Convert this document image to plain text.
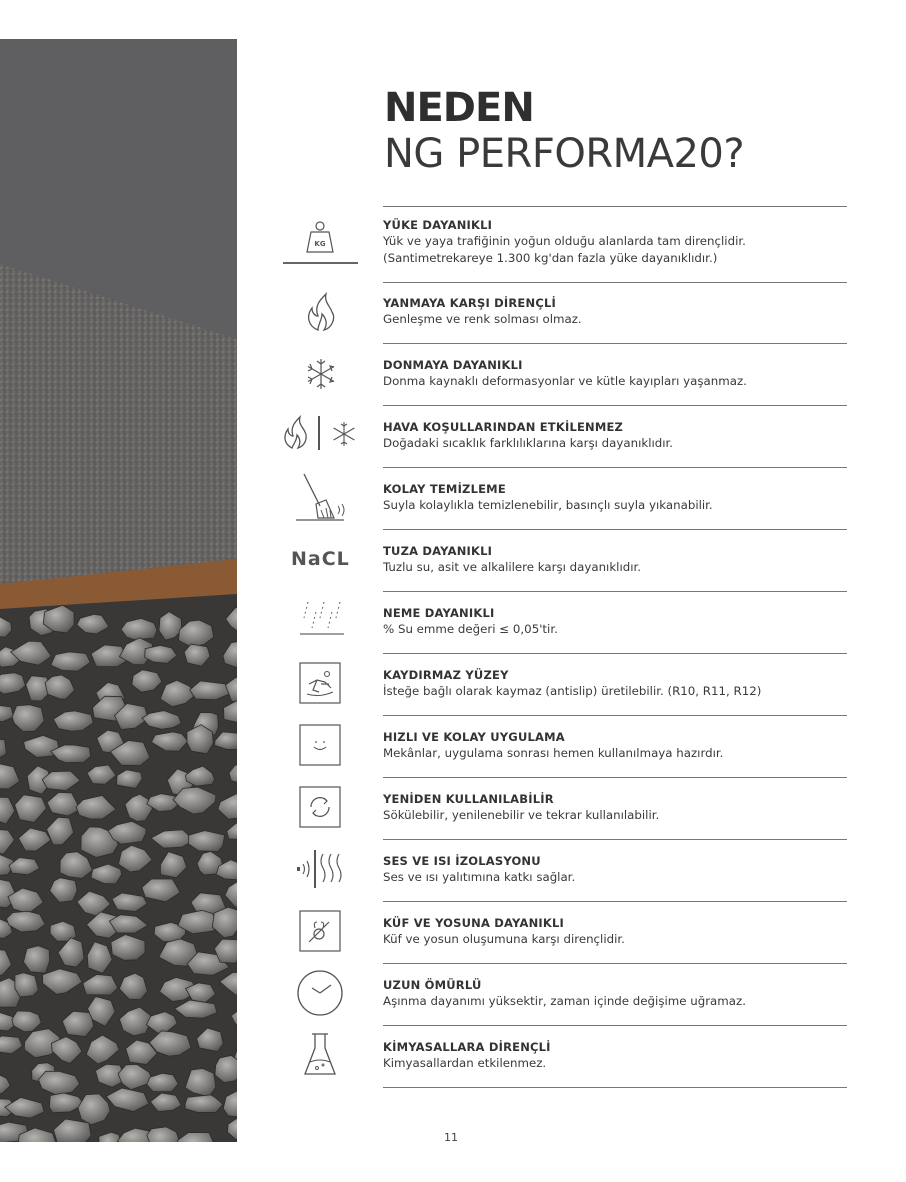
NEDEN
NG PERFORMA20?
YÜKE DAYANIKLI
Yük ve yaya trafiğinin yoğun olduğu alanlarda tam dirençlidir.
(Santimetrekareye 1.300 kg'dan fazla yüke dayanıklıdır.)
YANMAYA KARŞI DİRENÇLİ
Genleşme ve renk solması olmaz.
DONMAYA DAYANIKLI
Donma kaynaklı deformasyonlar ve kütle kayıpları yaşanmaz.
HAVA KOŞULLARINDAN ETKİLENMEZ
Doğadaki sıcaklık farklılıklarına karşı dayanıklıdır.
KOLAY TEMİZLEME
Suyla kolaylıkla temizlenebilir, basınçlı suyla yıkanabilir.
TUZA DAYANIKLI
Tuzlu su, asit ve alkalilere karşı dayanıklıdır.
NEME DAYANIKLI
% Su emme değeri ≤ 0,05'tir.
KAYDIRMAZ YÜZEY
İsteğe bağlı olarak kaymaz (antislip) üretilebilir. (R10, R11, R12)
HIZLI VE KOLAY UYGULAMA
Mekânlar, uygulama sonrası hemen kullanılmaya hazırdır.
YENİDEN KULLANILABİLİR
Sökülebilir, yenilenebilir ve tekrar kullanılabilir.
SES VE ISI İZOLASYONU
Ses ve ısı yalıtımına katkı sağlar.
KÜF VE YOSUNA DAYANIKLI
Küf ve yosun oluşumuna karşı dirençlidir.
UZUN ÖMÜRLÜ
Aşınma dayanımı yüksektir, zaman içinde değişime uğramaz.
KİMYASALLARA DİRENÇLİ
Kimyasallardan etkilenmez.
KG
NaCL
11
